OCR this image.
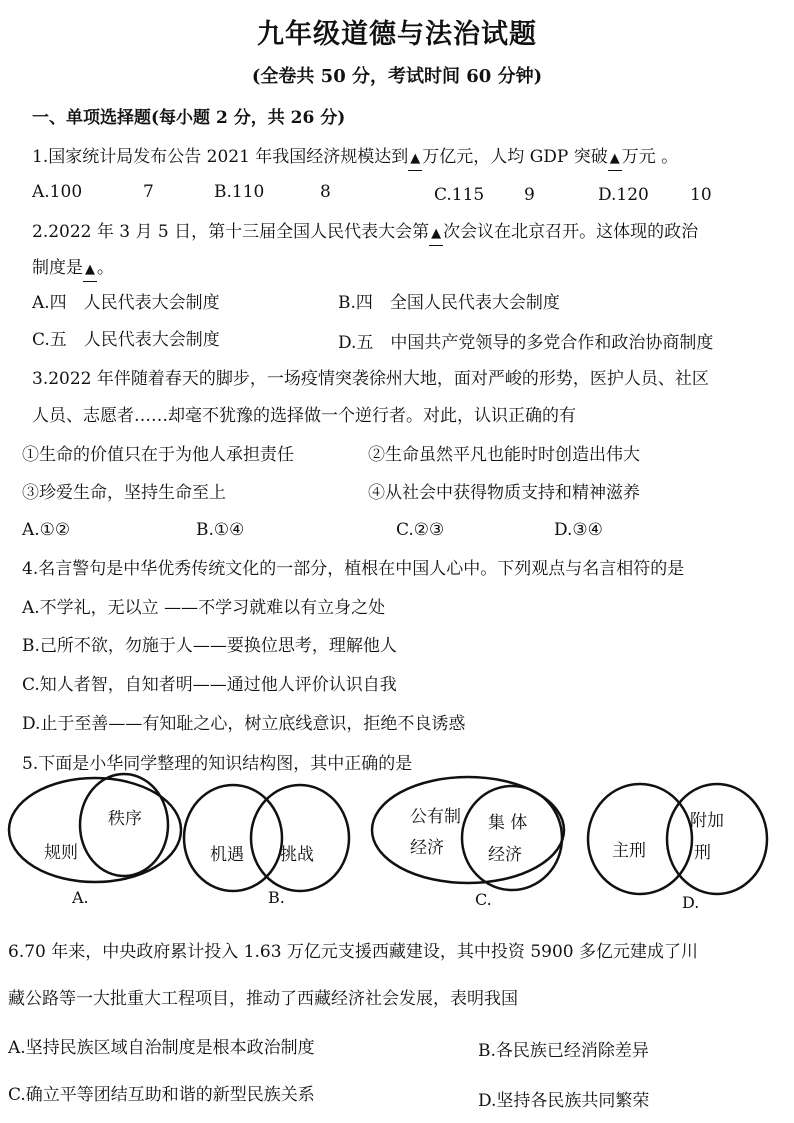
九年级道德与法治试题
(全卷共 50 分，考试时间 60 分钟)
一、单项选择题(每小题 2 分，共 26 分)
1.国家统计局发布公告 2021 年我国经济规模达到 ▲ 万亿元，人均 GDP 突破 ▲ 万元 。
A.100	7	B.110	8	C.115 9	D.120 10
2.2022 年 3 月 5 日，第十三届全国人民代表大会第 ▲ 次会议在北京召开。这体现的政治
制度是 ▲ 。
A.四　人民代表大会制度	B.四　全国人民代表大会制度
C.五　人民代表大会制度	D.五　中国共产党领导的多党合作和政治协商制度
3.2022 年伴随着春天的脚步，一场疫情突袭徐州大地，面对严峻的形势，医护人员、社区
人员、志愿者……却毫不犹豫的选择做一个逆行者。对此，认识正确的有
①生命的价值只在于为他人承担责任	②生命虽然平凡也能时时创造出伟大
③珍爱生命，坚持生命至上	④从社会中获得物质支持和精神滋养
A.①②	B.①④	C.②③	D.③④
4.名言警句是中华优秀传统文化的一部分，植根在中国人心中。下列观点与名言相符的是
A.不学礼，无以立 ——不学习就难以有立身之处
B.己所不欲，勿施于人——要换位思考，理解他人
C.知人者智，自知者明——通过他人评价认识自我
D.止于至善——有知耻之心，树立底线意识，拒绝不良诱惑
5.下面是小华同学整理的知识结构图，其中正确的是
规则
秩序
A.
机遇 挑战
B.
公有制
经济
集 体
经济
C.
主刑
附加
刑
D.
6.70 年来，中央政府累计投入 1.63 万亿元支援西藏建设，其中投资 5900 多亿元建成了川
藏公路等一大批重大工程项目，推动了西藏经济社会发展，表明我国
A.坚持民族区域自治制度是根本政治制度	B.各民族已经消除差异
C.确立平等团结互助和谐的新型民族关系	D.坚持各民族共同繁荣
